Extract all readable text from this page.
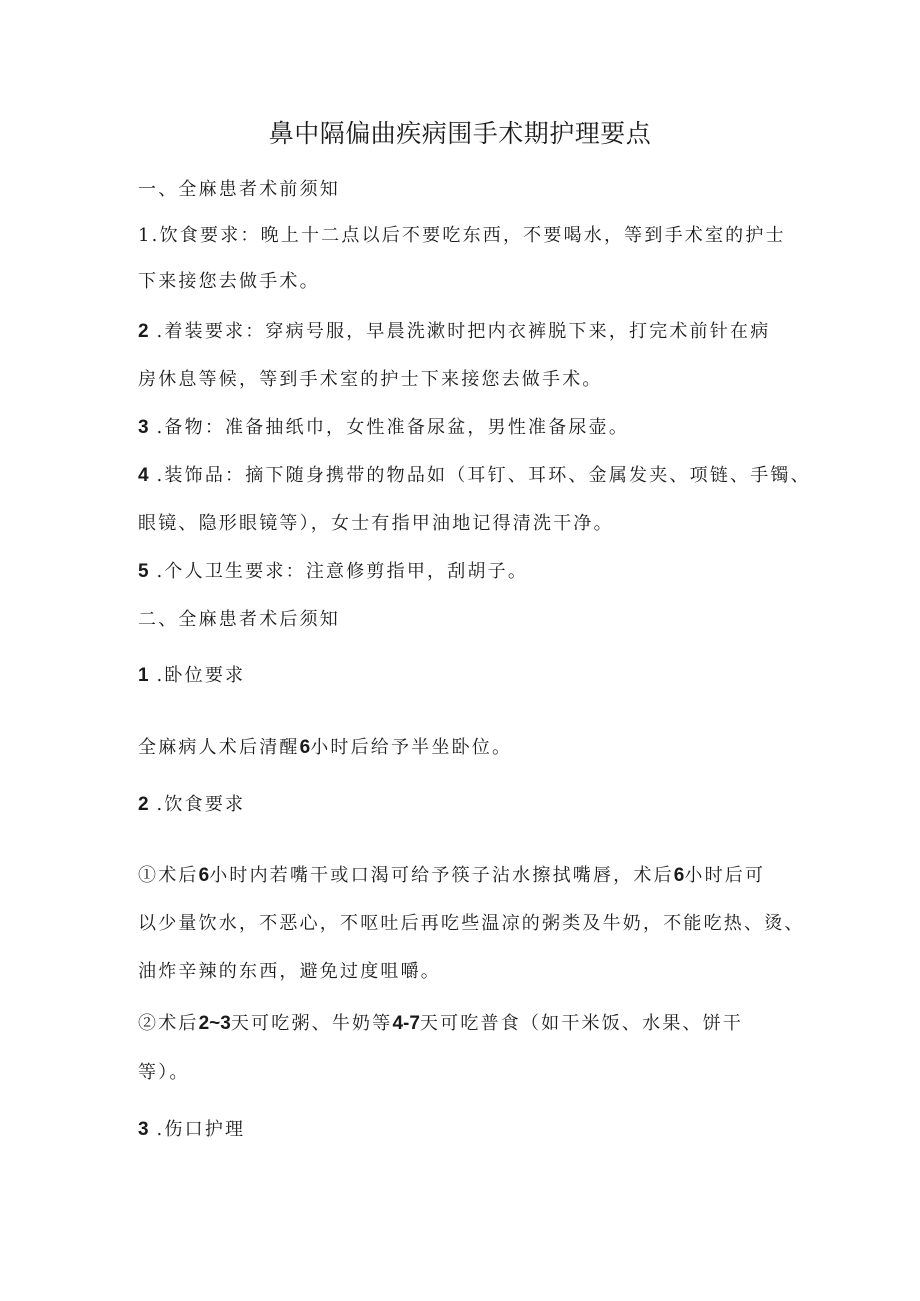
鼻中隔偏曲疾病围手术期护理要点
一、全麻患者术前须知
1.饮食要求：晚上十二点以后不要吃东西，不要喝水，等到手术室的护士
下来接您去做手术。
2 .着装要求：穿病号服，早晨洗漱时把内衣裤脱下来，打完术前针在病
房休息等候，等到手术室的护士下来接您去做手术。
3 .备物：准备抽纸巾，女性准备尿盆，男性准备尿壶。
4 .装饰品：摘下随身携带的物品如（耳钉、耳环、金属发夹、项链、手镯、
眼镜、隐形眼镜等），女士有指甲油地记得清洗干净。
5 .个人卫生要求：注意修剪指甲，刮胡子。
二、全麻患者术后须知
1 .卧位要求
全麻病人术后清醒6小时后给予半坐卧位。
2 .饮食要求
①术后6小时内若嘴干或口渴可给予筷子沾水擦拭嘴唇，术后6小时后可
以少量饮水，不恶心，不呕吐后再吃些温凉的粥类及牛奶，不能吃热、烫、
油炸辛辣的东西，避免过度咀嚼。
②术后2~3天可吃粥、牛奶等4-7天可吃普食（如干米饭、水果、饼干
等）。
3 .伤口护理
